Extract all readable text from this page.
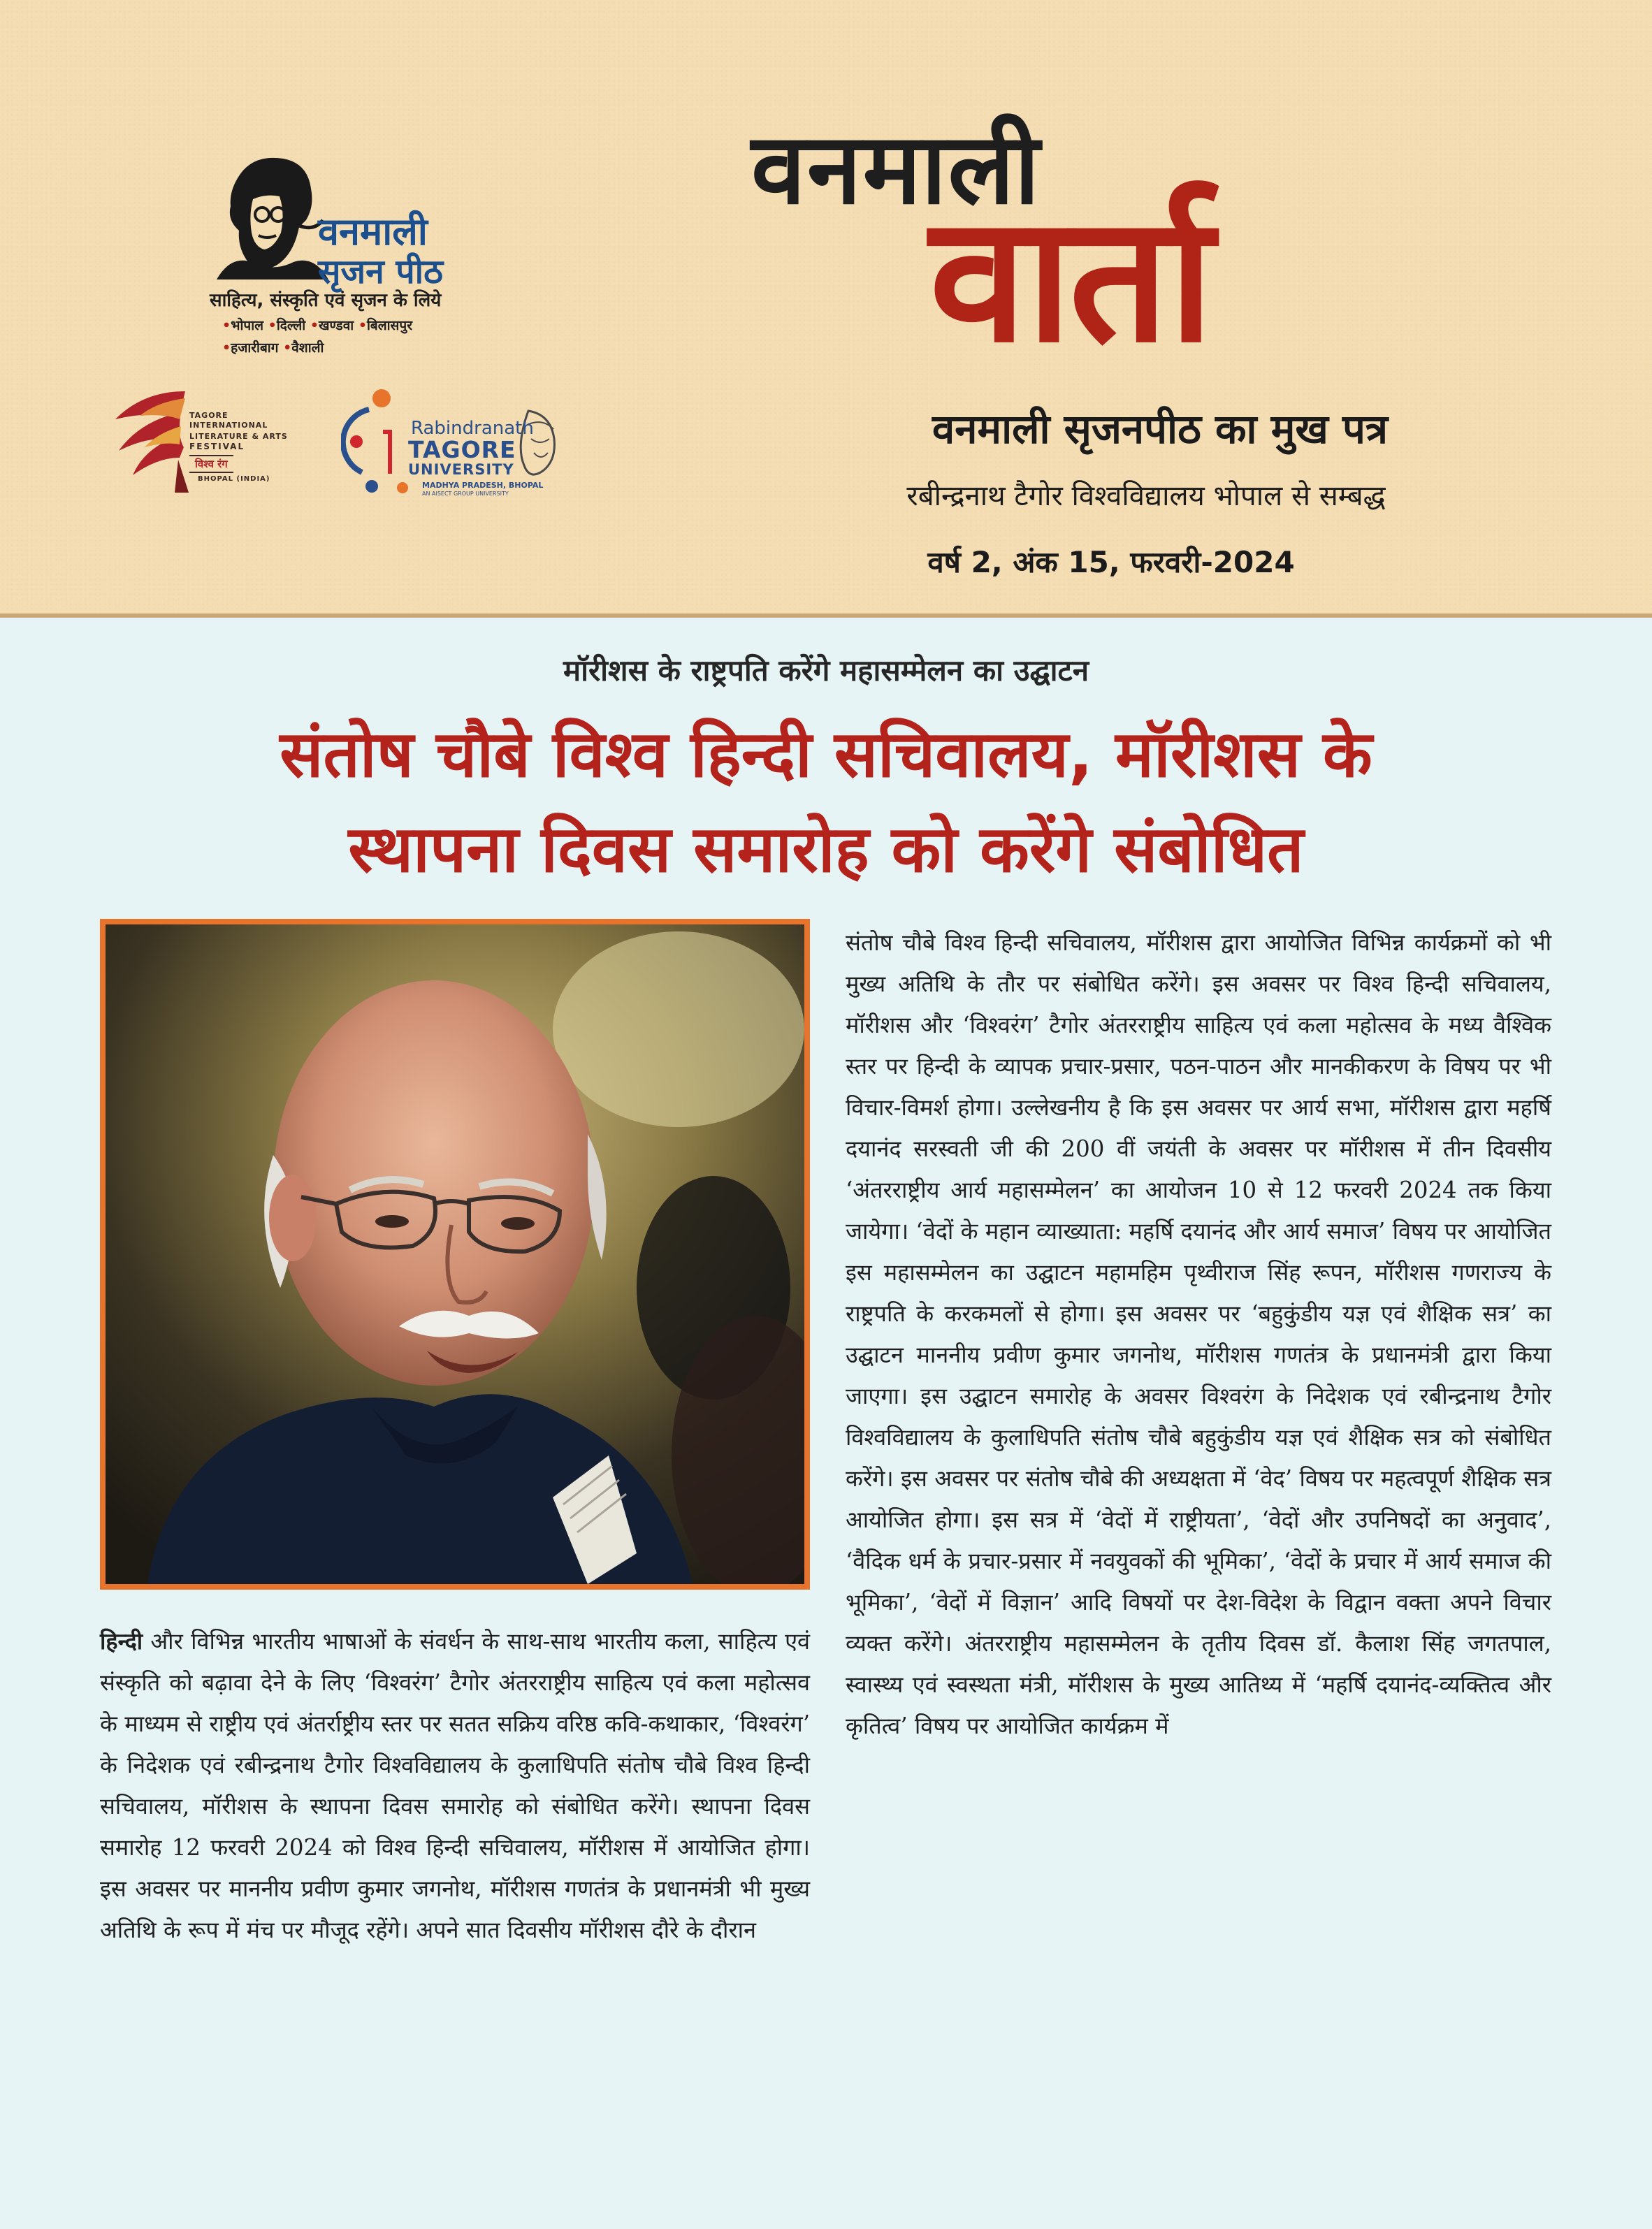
वनमाली
सृजन पीठ
साहित्य, संस्कृति एवं सृजन के लिये
•भोपाल •दिल्ली •खण्डवा •बिलासपुर
•हजारीबाग •वैशाली
TAGORE INTERNATIONAL
LITERATURE & ARTS
FESTIVAL
विश्व रंग
BHOPAL (INDIA)
Rabindranath
TAGORE
UNIVERSITY
MADHYA PRADESH, BHOPAL
AN AISECT GROUP UNIVERSITY
वनमाली
वार्ता
वनमाली सृजनपीठ का मुख पत्र
रबीन्द्रनाथ टैगोर विश्वविद्यालय भोपाल से सम्बद्ध
वर्ष 2, अंक 15, फरवरी-2024
मॉरीशस के राष्ट्रपति करेंगे महासम्मेलन का उद्घाटन
संतोष चौबे विश्व हिन्दी सचिवालय, मॉरीशस के
स्थापना दिवस समारोह को करेंगे संबोधित

संतोष चौबे विश्व हिन्दी सचिवालय, मॉरीशस द्वारा आयोजित विभिन्न कार्यक्रमों को भी मुख्य अतिथि के तौर पर संबोधित करेंगे। इस अवसर पर विश्व हिन्दी सचिवालय, मॉरीशस और ‘विश्वरंग’ टैगोर अंतरराष्ट्रीय साहित्य एवं कला महोत्सव के मध्य वैश्विक स्तर पर हिन्दी के व्यापक प्रचार-प्रसार, पठन-पाठन और मानकीकरण के विषय पर भी विचार-विमर्श होगा। उल्लेखनीय है कि इस अवसर पर आर्य सभा, मॉरीशस द्वारा महर्षि दयानंद सरस्वती जी की 200 वीं जयंती के अवसर पर मॉरीशस में तीन दिवसीय ‘अंतरराष्ट्रीय आर्य महासम्मेलन’ का आयोजन 10 से 12 फरवरी 2024 तक किया जायेगा। ‘वेदों के महान व्याख्याता: महर्षि दयानंद और आर्य समाज’ विषय पर आयोजित इस महासम्मेलन का उद्घाटन महामहिम पृथ्वीराज सिंह रूपन, मॉरीशस गणराज्य के राष्ट्रपति के करकमलों से होगा। इस अवसर पर ‘बहुकुंडीय यज्ञ एवं शैक्षिक सत्र’ का उद्घाटन माननीय प्रवीण कुमार जगनोथ, मॉरीशस गणतंत्र के प्रधानमंत्री द्वारा किया जाएगा। इस उद्घाटन समारोह के अवसर विश्वरंग के निदेशक एवं रबीन्द्रनाथ टैगोर विश्वविद्यालय के कुलाधिपति संतोष चौबे बहुकुंडीय यज्ञ एवं शैक्षिक सत्र को संबोधित करेंगे। इस अवसर पर संतोष चौबे की अध्यक्षता में ‘वेद’ विषय पर महत्वपूर्ण शैक्षिक सत्र आयोजित होगा। इस सत्र में ‘वेदों में राष्ट्रीयता’, ‘वेदों और उपनिषदों का अनुवाद’, ‘वैदिक धर्म के प्रचार-प्रसार में नवयुवकों की भूमिका’, ‘वेदों के प्रचार में आर्य समाज की भूमिका’, ‘वेदों में विज्ञान’ आदि विषयों पर देश-विदेश के विद्वान वक्ता अपने विचार व्यक्त करेंगे। अंतरराष्ट्रीय महासम्मेलन के तृतीय दिवस डॉ. कैलाश सिंह जगतपाल, स्वास्थ्य एवं स्वस्थता मंत्री, मॉरीशस के मुख्य आतिथ्य में ‘महर्षि दयानंद-व्यक्तित्व और कृतित्व’ विषय पर आयोजित कार्यक्रम में

हिन्दी और विभिन्न भारतीय भाषाओं के संवर्धन के साथ-साथ भारतीय कला, साहित्य एवं संस्कृति को बढ़ावा देने के लिए ‘विश्वरंग’ टैगोर अंतरराष्ट्रीय साहित्य एवं कला महोत्सव के माध्यम से राष्ट्रीय एवं अंतर्राष्ट्रीय स्तर पर सतत सक्रिय वरिष्ठ कवि-कथाकार, ‘विश्वरंग’ के निदेशक एवं रबीन्द्रनाथ टैगोर विश्वविद्यालय के कुलाधिपति संतोष चौबे विश्व हिन्दी सचिवालय, मॉरीशस के स्थापना दिवस समारोह को संबोधित करेंगे। स्थापना दिवस समारोह 12 फरवरी 2024 को विश्व हिन्दी सचिवालय, मॉरीशस में आयोजित होगा। इस अवसर पर माननीय प्रवीण कुमार जगनोथ, मॉरीशस गणतंत्र के प्रधानमंत्री भी मुख्य अतिथि के रूप में मंच पर मौजूद रहेंगे। अपने सात दिवसीय मॉरीशस दौरे के दौरान
